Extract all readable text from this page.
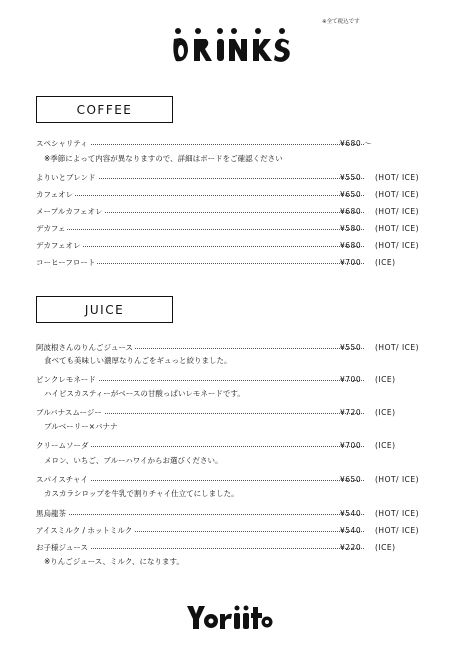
※全て税込です
COFFEE
スペシャリティ	¥680 〜
※季節によって内容が異なりますので、詳細はボードをご確認ください
よりいとブレンド	¥550 (HOT/ ICE)
カフェオレ	¥650 (HOT/ ICE)
メープルカフェオレ	¥680 (HOT/ ICE)
デカフェ	¥580 (HOT/ ICE)
デカフェオレ	¥680 (HOT/ ICE)
コーヒーフロート	¥700 (ICE)
JUICE
阿波根さんのりんごジュース	¥550 (HOT/ ICE)
食べても美味しい濃厚なりんごをギュっと絞りました。
ピンクレモネード	¥700 (ICE)
ハイビスカスティーがベースの甘酸っぱいレモネードです。
ブルバナスムージー	¥720 (ICE)
ブルベーリー×バナナ
クリームソーダ	¥700 (ICE)
メロン、いちご、ブルーハワイからお選びください。
スパイスチャイ	¥650 (HOT/ ICE)
カスカラシロップを牛乳で割りチャイ仕立てにしました。
黒烏龍茶	¥540 (HOT/ ICE)
アイスミルク / ホットミルク	¥540 (HOT/ ICE)
お子様ジュース	¥220 (ICE)
※りんごジュース、ミルク、になります。
